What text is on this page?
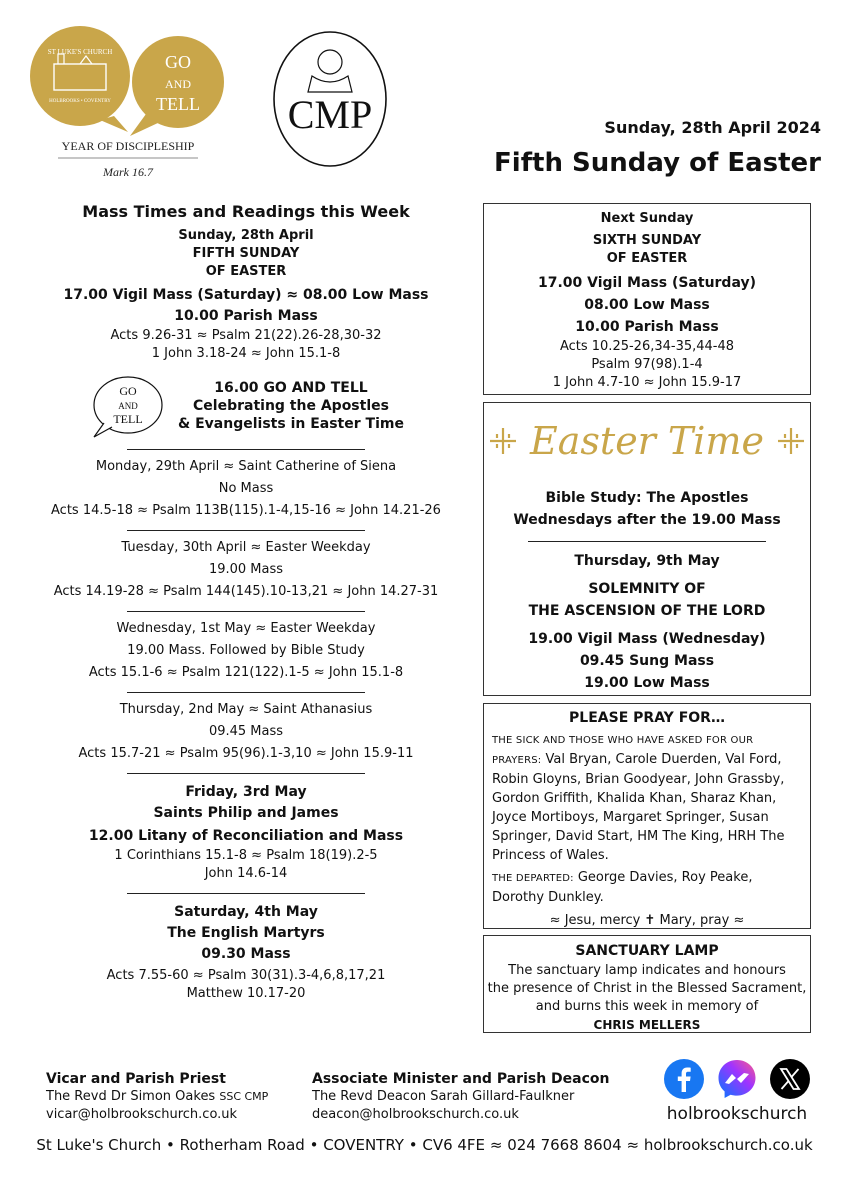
ST LUKE'S CHURCH
HOLBROOKS • COVENTRY
GO
AND
TELL
YEAR OF DISCIPLESHIP
Mark 16.7
CMP	Sunday, 28th April 2024
Fifth Sunday of Easter
Mass Times and Readings this Week
Sunday, 28th April
FIFTH SUNDAY
OF EASTER
17.00 Vigil Mass (Saturday) ≈ 08.00 Low Mass
10.00 Parish Mass
Acts 9.26-31 ≈ Psalm 21(22).26-28,30-32
1 John 3.18-24 ≈ John 15.1-8
GO
AND
TELL
16.00 GO AND TELL
Celebrating the Apostles
& Evangelists in Easter Time
Monday, 29th April ≈ Saint Catherine of Siena
No Mass
Acts 14.5-18 ≈ Psalm 113B(115).1-4,15-16 ≈ John 14.21-26
Tuesday, 30th April ≈ Easter Weekday
19.00 Mass
Acts 14.19-28 ≈ Psalm 144(145).10-13,21 ≈ John 14.27-31
Wednesday, 1st May ≈ Easter Weekday
19.00 Mass. Followed by Bible Study
Acts 15.1-6 ≈ Psalm 121(122).1-5 ≈ John 15.1-8
Thursday, 2nd May ≈ Saint Athanasius
09.45 Mass
Acts 15.7-21 ≈ Psalm 95(96).1-3,10 ≈ John 15.9-11
Friday, 3rd May
Saints Philip and James
12.00 Litany of Reconciliation and Mass
1 Corinthians 15.1-8 ≈ Psalm 18(19).2-5
John 14.6-14
Saturday, 4th May
The English Martyrs
09.30 Mass
Acts 7.55-60 ≈ Psalm 30(31).3-4,6,8,17,21
Matthew 10.17-20
Next Sunday
SIXTH SUNDAY
OF EASTER
17.00 Vigil Mass (Saturday)
08.00 Low Mass
10.00 Parish Mass
Acts 10.25-26,34-35,44-48
Psalm 97(98).1-4
1 John 4.7-10 ≈ John 15.9-17
Easter Time
Bible Study: The Apostles
Wednesdays after the 19.00 Mass
Thursday, 9th May
SOLEMNITY OF
THE ASCENSION OF THE LORD
19.00 Vigil Mass (Wednesday)
09.45 Sung Mass
19.00 Low Mass
PLEASE PRAY FOR…
THE SICK AND THOSE WHO HAVE ASKED FOR OUR PRAYERS: Val Bryan, Carole Duerden, Val Ford, Robin Gloyns, Brian Goodyear, John Grassby, Gordon Griffith, Khalida Khan, Sharaz Khan, Joyce Mortiboys, Margaret Springer, Susan Springer, David Start, HM The King, HRH The Princess of Wales.
THE DEPARTED: George Davies, Roy Peake, Dorothy Dunkley.
≈ Jesu, mercy ✝ Mary, pray ≈
SANCTUARY LAMP
The sanctuary lamp indicates and honours
the presence of Christ in the Blessed Sacrament,
and burns this week in memory of
CHRIS MELLERS
Vicar and Parish Priest
The Revd Dr Simon Oakes SSC CMP
vicar@holbrookschurch.co.uk
Associate Minister and Parish Deacon
The Revd Deacon Sarah Gillard-Faulkner
deacon@holbrookschurch.co.uk	holbrookschurch
St Luke's Church • Rotherham Road • COVENTRY • CV6 4FE ≈ 024 7668 8604 ≈ holbrookschurch.co.uk
